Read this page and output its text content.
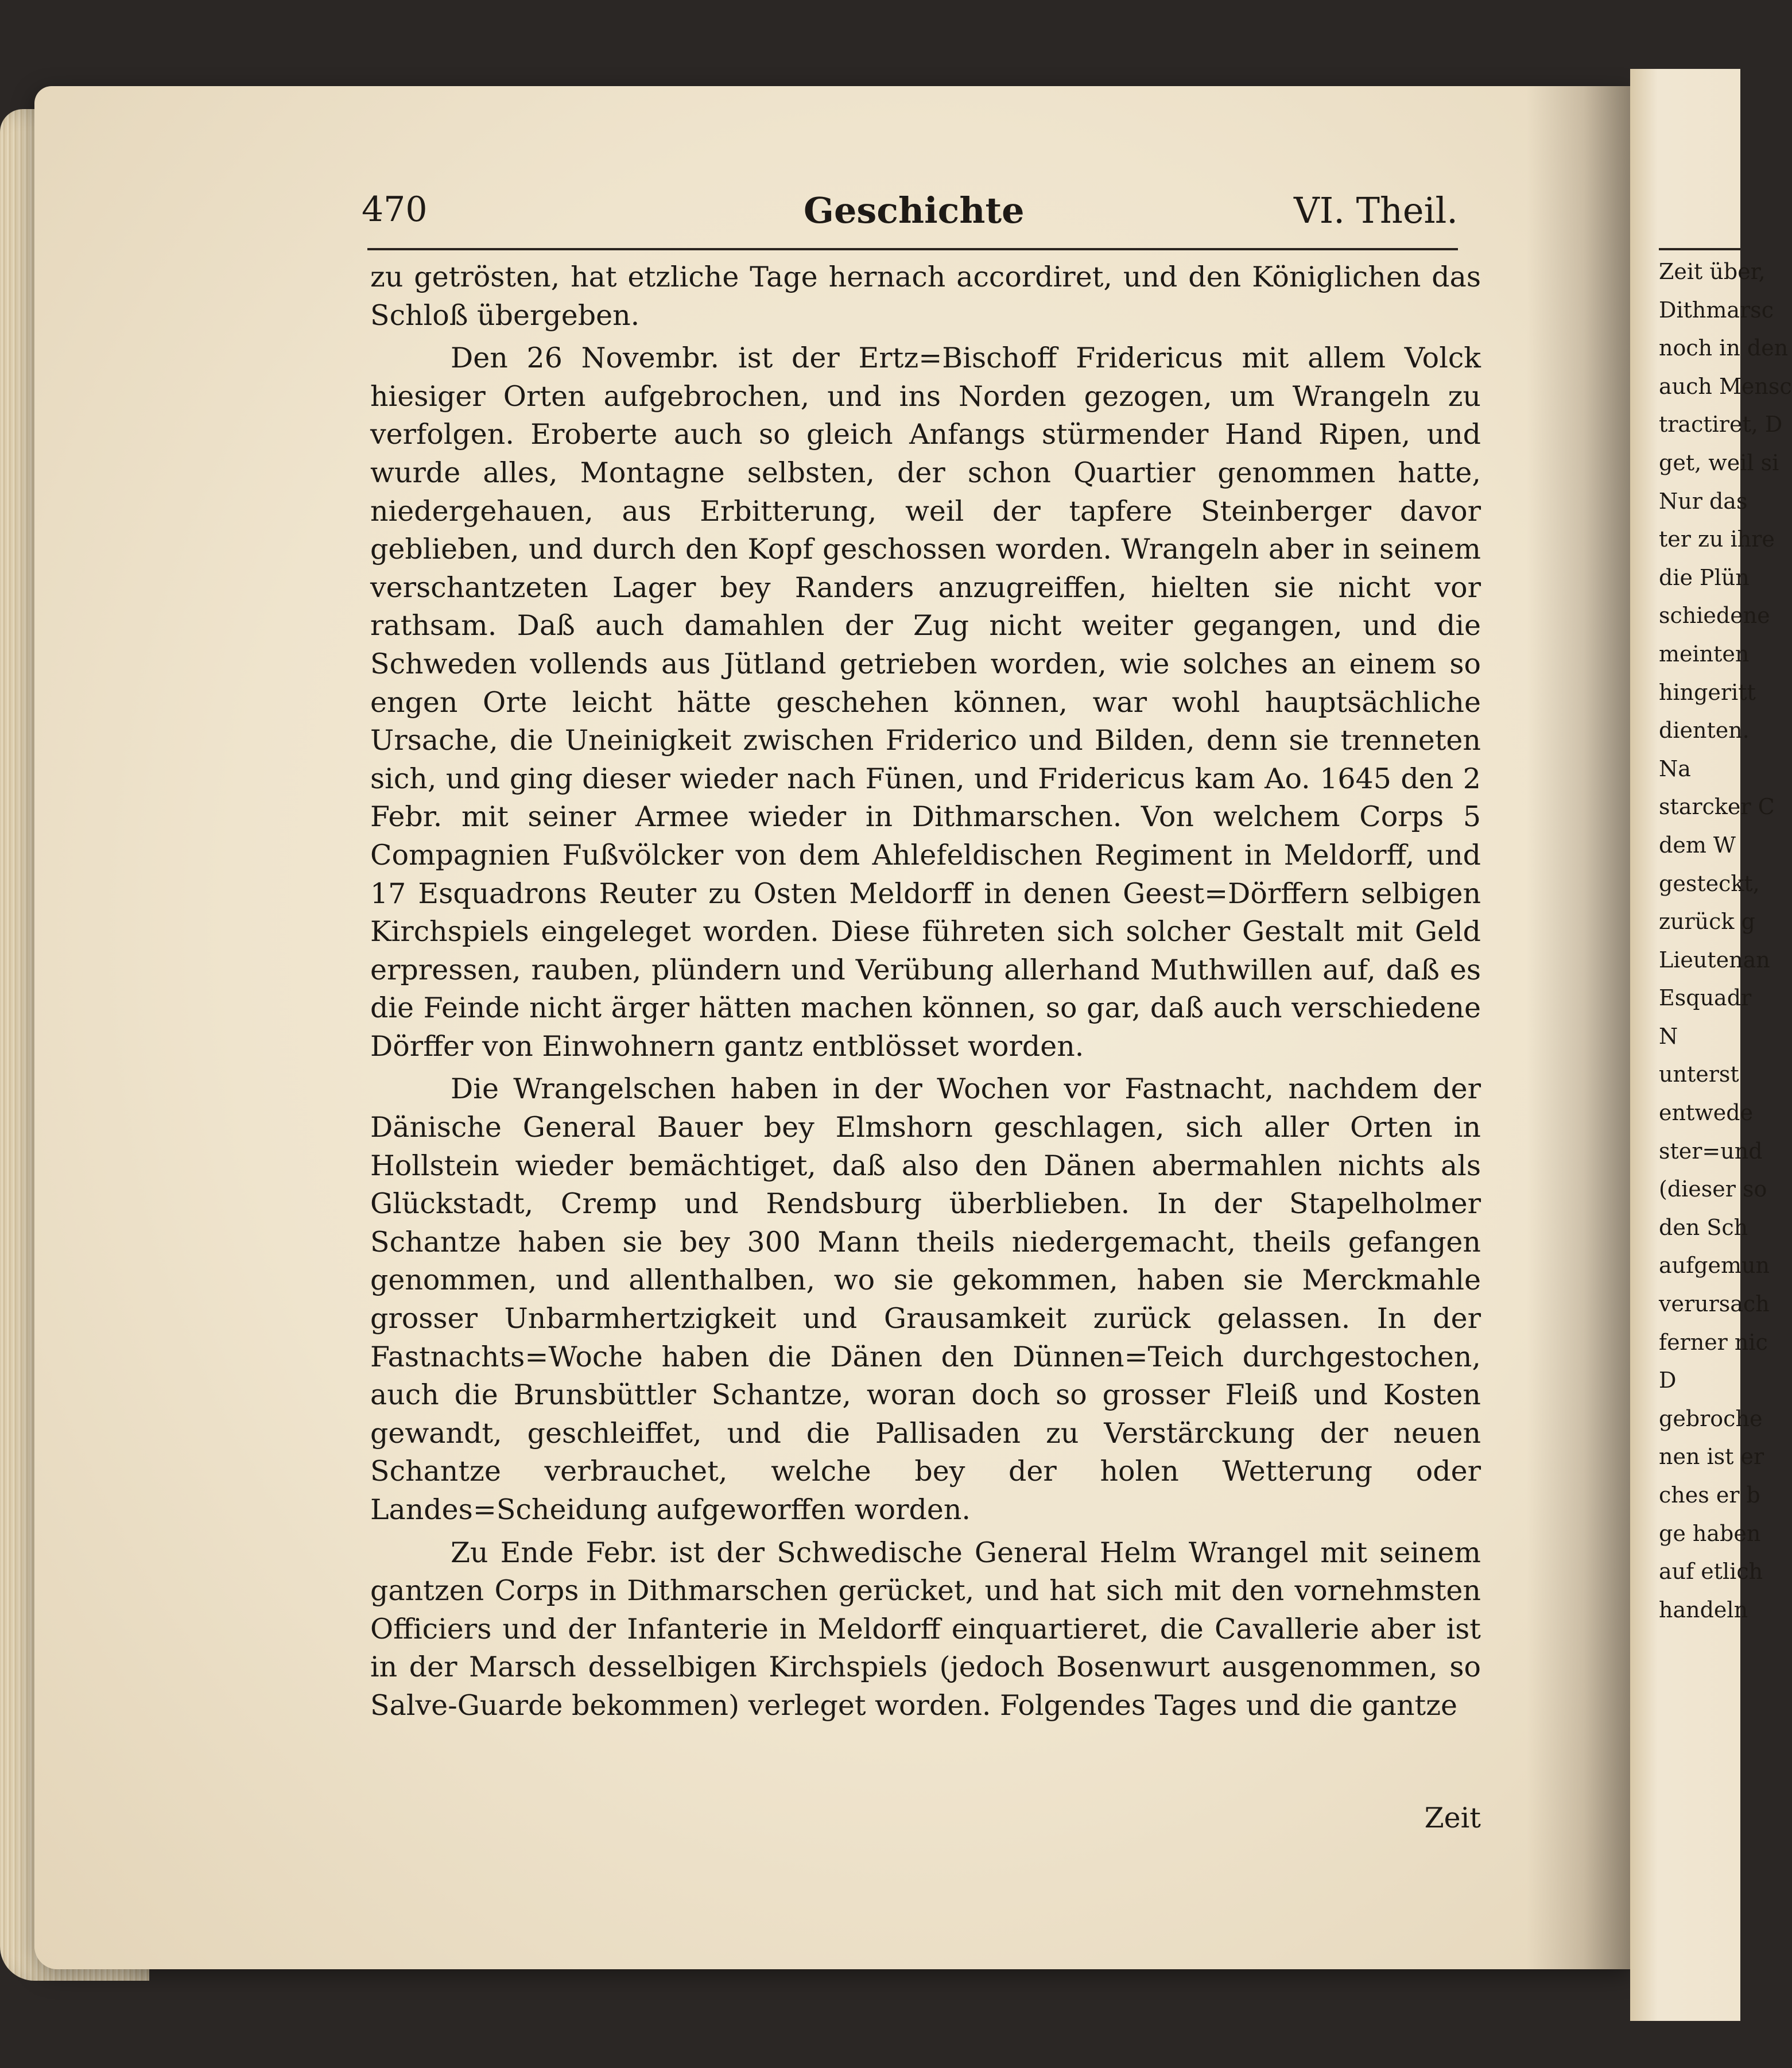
470	Geschichte	VI. Theil.

zu getrösten, hat etzliche Tage hernach accordiret, und den Königlichen das Schloß übergeben.

Den 26 Novembr. ist der Ertz=Bischoff Fridericus mit allem Volck hiesiger Orten aufgebrochen, und ins Norden gezogen, um Wrangeln zu verfolgen. Eroberte auch so gleich Anfangs stürmender Hand Ripen, und wurde alles, Montagne selbsten, der schon Quartier genommen hatte, niedergehauen, aus Erbitterung, weil der tapfere Steinberger davor geblieben, und durch den Kopf geschossen worden. Wrangeln aber in seinem verschantzeten Lager bey Randers anzugreiffen, hielten sie nicht vor rathsam. Daß auch damahlen der Zug nicht weiter gegangen, und die Schweden vollends aus Jütland getrieben worden, wie solches an einem so engen Orte leicht hätte geschehen können, war wohl hauptsächliche Ursache, die Uneinigkeit zwischen Friderico und Bilden, denn sie trenneten sich, und ging dieser wieder nach Fünen, und Fridericus kam Ao. 1645 den 2 Febr. mit seiner Armee wieder in Dithmarschen. Von welchem Corps 5 Compagnien Fußvölcker von dem Ahlefeldischen Regiment in Meldorff, und 17 Esquadrons Reuter zu Osten Meldorff in denen Geest=Dörffern selbigen Kirchspiels eingeleget worden. Diese führeten sich solcher Gestalt mit Geld erpressen, rauben, plündern und Verübung allerhand Muthwillen auf, daß es die Feinde nicht ärger hätten machen können, so gar, daß auch verschiedene Dörffer von Einwohnern gantz entblösset worden.

Die Wrangelschen haben in der Wochen vor Fastnacht, nachdem der Dänische General Bauer bey Elmshorn geschlagen, sich aller Orten in Hollstein wieder bemächtiget, daß also den Dänen abermahlen nichts als Glückstadt, Cremp und Rendsburg überblieben. In der Stapelholmer Schantze haben sie bey 300 Mann theils niedergemacht, theils gefangen genommen, und allenthalben, wo sie gekommen, haben sie Merckmahle grosser Unbarmhertzigkeit und Grausamkeit zurück gelassen. In der Fastnachts=Woche haben die Dänen den Dünnen=Teich durchgestochen, auch die Brunsbüttler Schantze, woran doch so grosser Fleiß und Kosten gewandt, geschleiffet, und die Pallisaden zu Verstärckung der neuen Schantze verbrauchet, welche bey der holen Wetterung oder Landes=Scheidung aufgeworffen worden.

Zu Ende Febr. ist der Schwedische General Helm Wrangel mit seinem gantzen Corps in Dithmarschen gerücket, und hat sich mit den vornehmsten Officiers und der Infanterie in Meldorff einquartieret, die Cavallerie aber ist in der Marsch desselbigen Kirchspiels (jedoch Bosenwurt ausgenommen, so Salve-Guarde bekommen) verleget worden. Folgendes Tages und die gantze

Zeit
Zeit über,
Dithmarsc
noch in den
auch Mensc
tractiret, D
get, weil si
Nur das
ter zu ihre
die Plün
schiedene
meinten
hingeritt
dienten.
Na
starcker C
dem W
gesteckt,
zurück g
Lieutenan
Esquadr
N
unterst
entwede
ster=und
(dieser so
den Sch
aufgemun
verursach
ferner nic
D
gebroche
nen ist er
ches er b
ge haben
auf etlich
handeln
